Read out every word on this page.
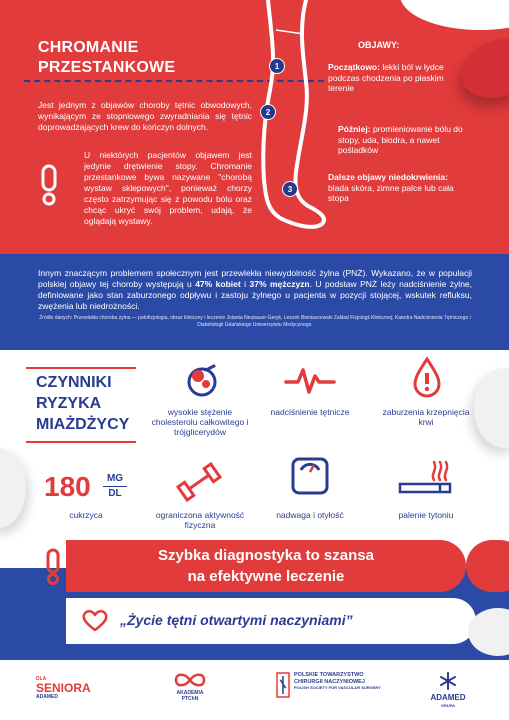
CHROMANIE
PRZESTANKOWE

Jest jednym z objawów choroby tętnic obwodowych, wynikającym ze stopniowego zwyradniania się tętnic doprowadzających krew do kończyn dolnych.

U niektórych pacjentów objawem jest jedynie drętwienie stopy. Chromanie przestankowe bywa nazywane "chorobą wystaw sklepowych", ponieważ chorzy często zatrzymując się z powodu bólu oraz chcąc ukryć swój problem, udają, że oglądają wystawy.

1
2
3
OBJAWY:
Początkowo: lekki ból w łydce podczas chodzenia po płaskim terenie
Później: promieniowanie bólu do stopy, uda, biodra, a nawet pośladków
Dalsze objawy niedokrwienia: blada skóra, zimne palce lub cała stopa

Innym znaczącym problemem społecznym jest przewlekła niewydolność żylna (PNŻ). Wykazano, że w populacji polskiej objawy tej choroby występują u 47% kobiet i 37% mężczyzn. U podstaw PNŻ leży nadciśnienie żylne, definiowane jako stan zaburzonego odpływu i zastoju żylnego u pacjenta w pozycji stojącej, wskutek refluksu, zwężenia lub niedrożności.

Źródło danych: Przewlekła choroba żylna — patofizjologia, obraz kliniczny i leczenie Jolanta Neubauer-Geryk, Leszek Bieniaszewski Zakład Fizjologii Klinicznej, Katedra Nadciśnienia Tętniczego i Diabetologii Gdańskiego Uniwersytetu Medycznego.

CZYNNIKI
RYZYKA
MIAŻDŻYCY
wysokie stężenie cholesterolu całkowitego i trójglicerydów
nadciśnienie tętnicze	zaburzenia krzepnięcia krwi
180	MG
DL
cukrzyca	ograniczona aktywność fizyczna
nadwaga i otyłość	palenie tytoniu
Szybka diagnostyka to szansa
na efektywne leczenie
„Życie tętni otwartymi naczyniami”
DLA
SENIORA
ADAMED
AKADEMIA
PTChN
POLSKIE TOWARZYSTWO
CHIRURGII NACZYNIOWEJ
POLISH SOCIETY FOR VASCULAR SURGERY
ADAMED
GRUPA
